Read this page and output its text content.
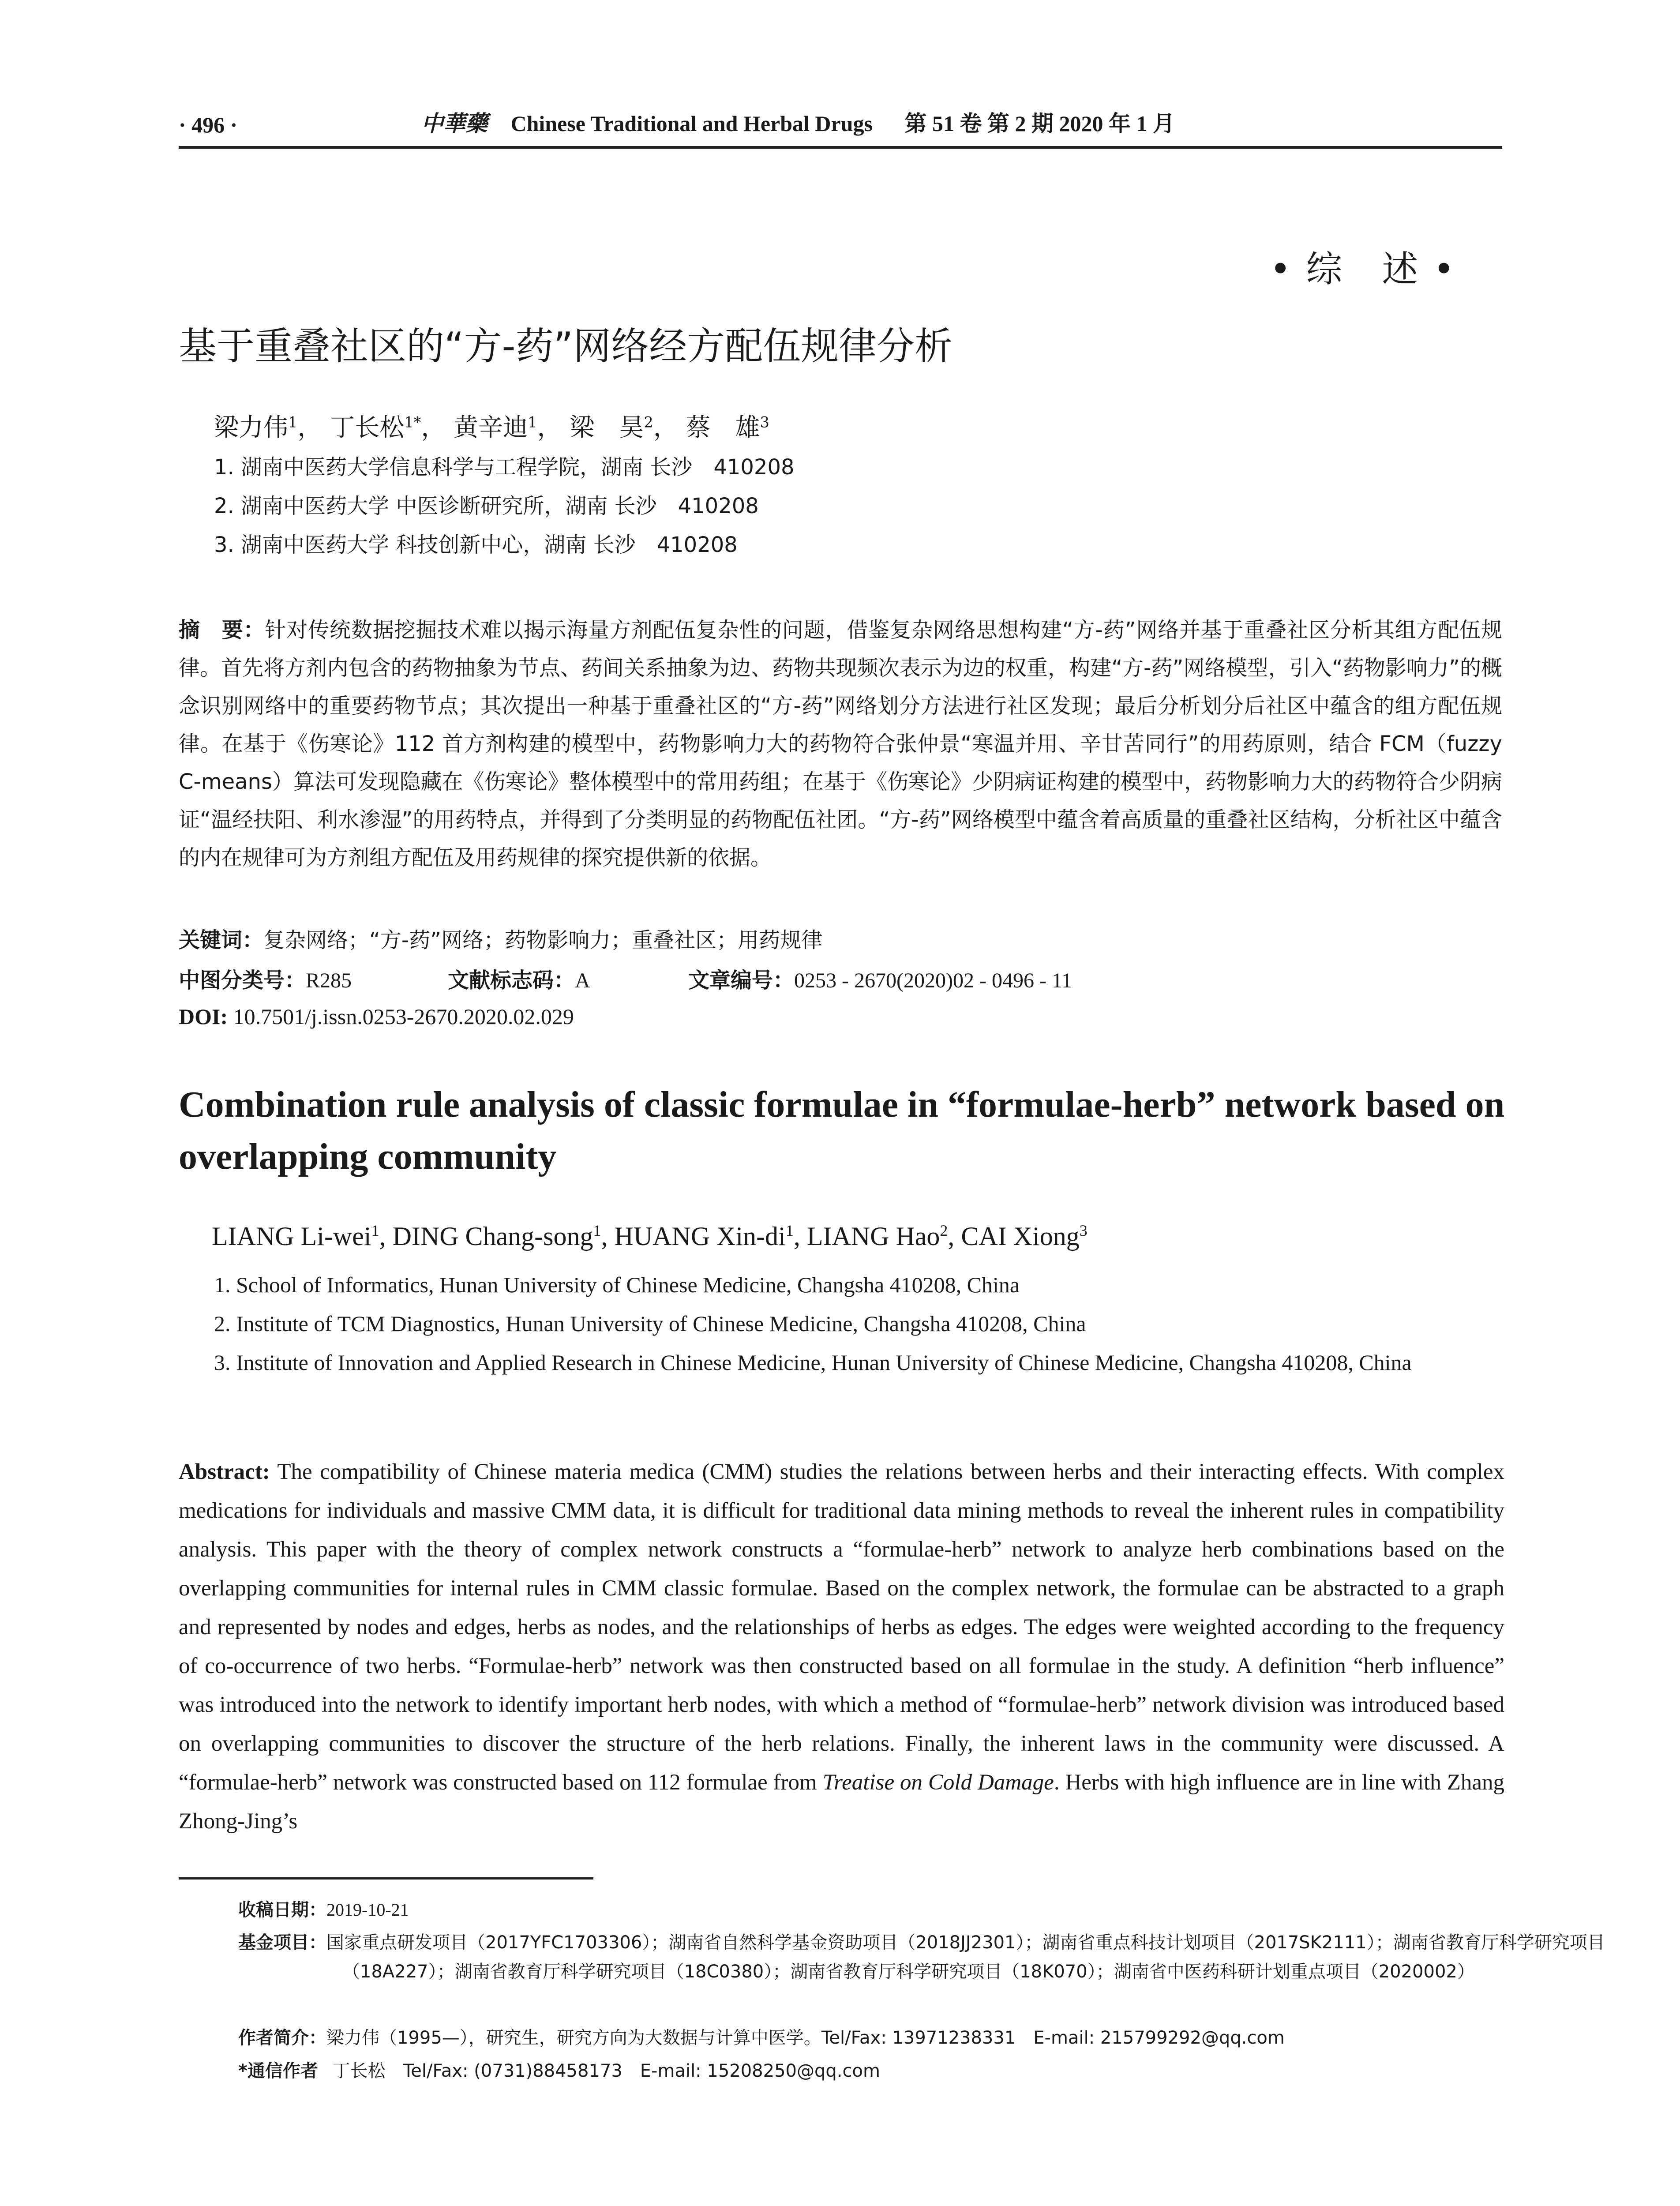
· 496 ·	中華藥 Chinese Traditional and Herbal Drugs 第 51 卷 第 2 期 2020 年 1 月
• 综　述 •
基于重叠社区的“方-药”网络经方配伍规律分析
梁力伟$^1$， 丁长松$^{1*}$， 黄辛迪$^1$， 梁　昊$^2$， 蔡　雄$^3$
1. 湖南中医药大学信息科学与工程学院，湖南 长沙　410208
2. 湖南中医药大学 中医诊断研究所，湖南 长沙　410208
3. 湖南中医药大学 科技创新中心，湖南 长沙　410208
摘　要：针对传统数据挖掘技术难以揭示海量方剂配伍复杂性的问题，借鉴复杂网络思想构建“方-药”网络并基于重叠社区分析其组方配伍规律。首先将方剂内包含的药物抽象为节点、药间关系抽象为边、药物共现频次表示为边的权重，构建“方-药”网络模型，引入“药物影响力”的概念识别网络中的重要药物节点；其次提出一种基于重叠社区的“方-药”网络划分方法进行社区发现；最后分析划分后社区中蕴含的组方配伍规律。在基于《伤寒论》112 首方剂构建的模型中，药物影响力大的药物符合张仲景“寒温并用、辛甘苦同行”的用药原则，结合 FCM（fuzzy C-means）算法可发现隐藏在《伤寒论》整体模型中的常用药组；在基于《伤寒论》少阴病证构建的模型中，药物影响力大的药物符合少阴病证“温经扶阳、利水渗湿”的用药特点，并得到了分类明显的药物配伍社团。“方-药”网络模型中蕴含着高质量的重叠社区结构，分析社区中蕴含的内在规律可为方剂组方配伍及用药规律的探究提供新的依据。
关键词：复杂网络；“方-药”网络；药物影响力；重叠社区；用药规律
中图分类号：R285	文献标志码：A	文章编号：0253 - 2670(2020)02 - 0496 - 11
DOI: 10.7501/j.issn.0253-2670.2020.02.029
Combination rule analysis of classic formulae in “formulae-herb” network based on overlapping community
LIANG Li-wei$^1$, DING Chang-song$^1$, HUANG Xin-$di^1$, LIANG Hao$^2$, CAI Xiong$^3$
1. School of Informatics, Hunan University of Chinese Medicine, Changsha 410208, China
2. Institute of TCM Diagnostics, Hunan University of Chinese Medicine, Changsha 410208, China
3. Institute of Innovation and Applied Research in Chinese Medicine, Hunan University of Chinese Medicine, Changsha 410208, China
Abstract: The compatibility of Chinese materia medica (CMM) studies the relations between herbs and their interacting effects. With complex medications for individuals and massive CMM data, it is difficult for traditional data mining methods to reveal the inherent rules in compatibility analysis. This paper with the theory of complex network constructs a “formulae-herb” network to analyze herb combinations based on the overlapping communities for internal rules in CMM classic formulae. Based on the complex network, the formulae can be abstracted to a graph and represented by nodes and edges, herbs as nodes, and the relationships of herbs as edges. The edges were weighted according to the frequency of co-occurrence of two herbs. “Formulae-herb” network was then constructed based on all formulae in the study. A definition “herb influence” was introduced into the network to identify important herb nodes, with which a method of “formulae-herb” network division was introduced based on overlapping communities to discover the structure of the herb relations. Finally, the inherent laws in the community were discussed. A “formulae-herb” network was constructed based on 112 formulae from Treatise on Cold Damage. Herbs with high influence are in line with Zhang Zhong-Jing’s
收稿日期：2019-10-21
基金项目：国家重点研发项目（2017YFC1703306）；湖南省自然科学基金资助项目（2018JJ2301）；湖南省重点科技计划项目（2017SK2111）；湖南省教育厅科学研究项目（18A227）；湖南省教育厅科学研究项目（18C0380）；湖南省教育厅科学研究项目（18K070）；湖南省中医药科研计划重点项目（2020002）
作者简介：梁力伟（1995—），研究生，研究方向为大数据与计算中医学。Tel/Fax: 13971238331　E-mail: 215799292@qq.com
*通信作者 丁长松　Tel/Fax: (0731)88458173　E-mail: 15208250@qq.com
